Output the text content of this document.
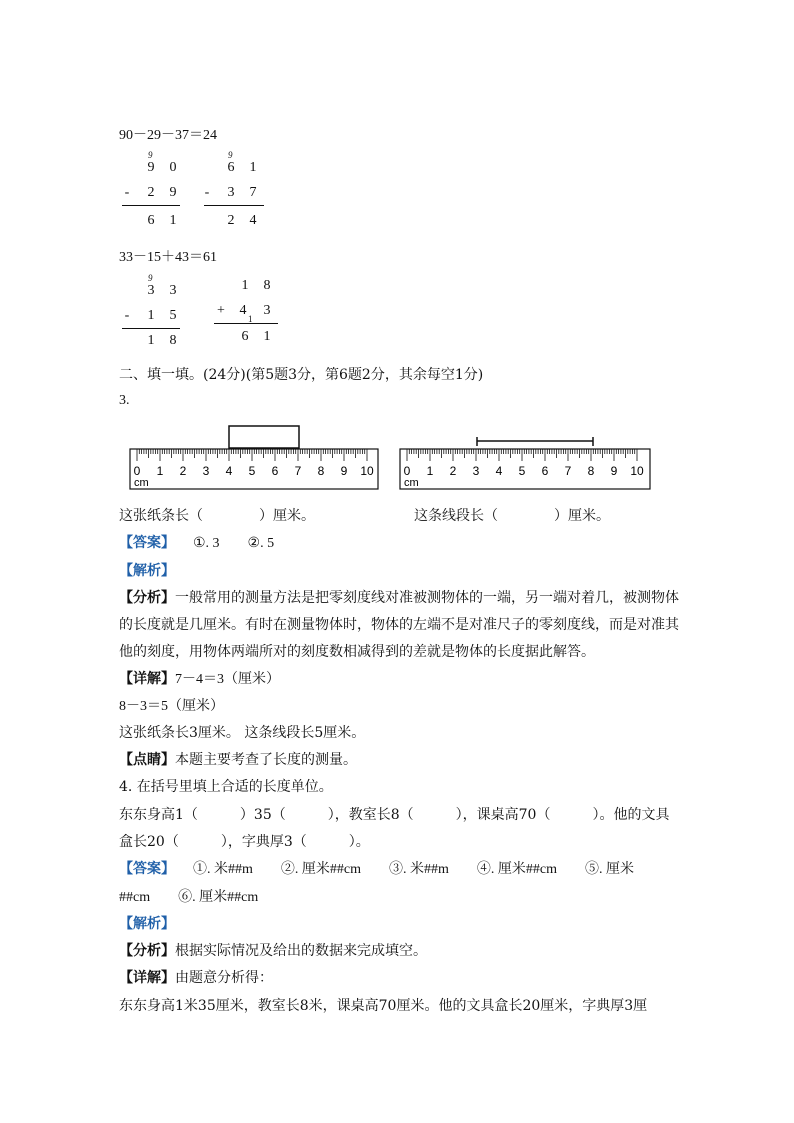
90－29－37＝24
9
9 0
-	2 9
6 1
9
6 1
-	3 7
2 4
33－15＋43＝61
9
3 3
-	1 5
1 8
1 8
+ 4
1
3
6 1
二、填一填。(24分)(第5题3分，第6题2分，其余每空1分)
3.
0 1 2 3 4 5 6 7 8 9 10
cm
0 1 2 3 4 5 6 7 8 9 10
cm
这张纸条长（　　　　）厘米。	这条线段长（　　　　）厘米。
【答案】 ①. 3　　②. 5
【解析】
【分析】一般常用的测量方法是把零刻度线对准被测物体的一端，另一端对着几，被测物体
的长度就是几厘米。有时在测量物体时，物体的左端不是对准尺子的零刻度线，而是对准其
他的刻度，用物体两端所对的刻度数相减得到的差就是物体的长度据此解答。
【详解】7－4＝3（厘米）
8－3＝5（厘米）
这张纸条长3厘米。 这条线段长5厘米。
【点睛】本题主要考查了长度的测量。
4. 在括号里填上合适的长度单位。
东东身高1（　　　）35（　　　），教室长8（　　　），课桌高70（　　　）。他的文具
盒长20（　　　），字典厚3（　　　）。
【答案】 ①. 米##m　　②. 厘米##cm　　③. 米##m　　④. 厘米##cm　　⑤. 厘米
##cm　　⑥. 厘米##cm
【解析】
【分析】根据实际情况及给出的数据来完成填空。
【详解】由题意分析得：
东东身高1米35厘米，教室长8米，课桌高70厘米。他的文具盒长20厘米，字典厚3厘
